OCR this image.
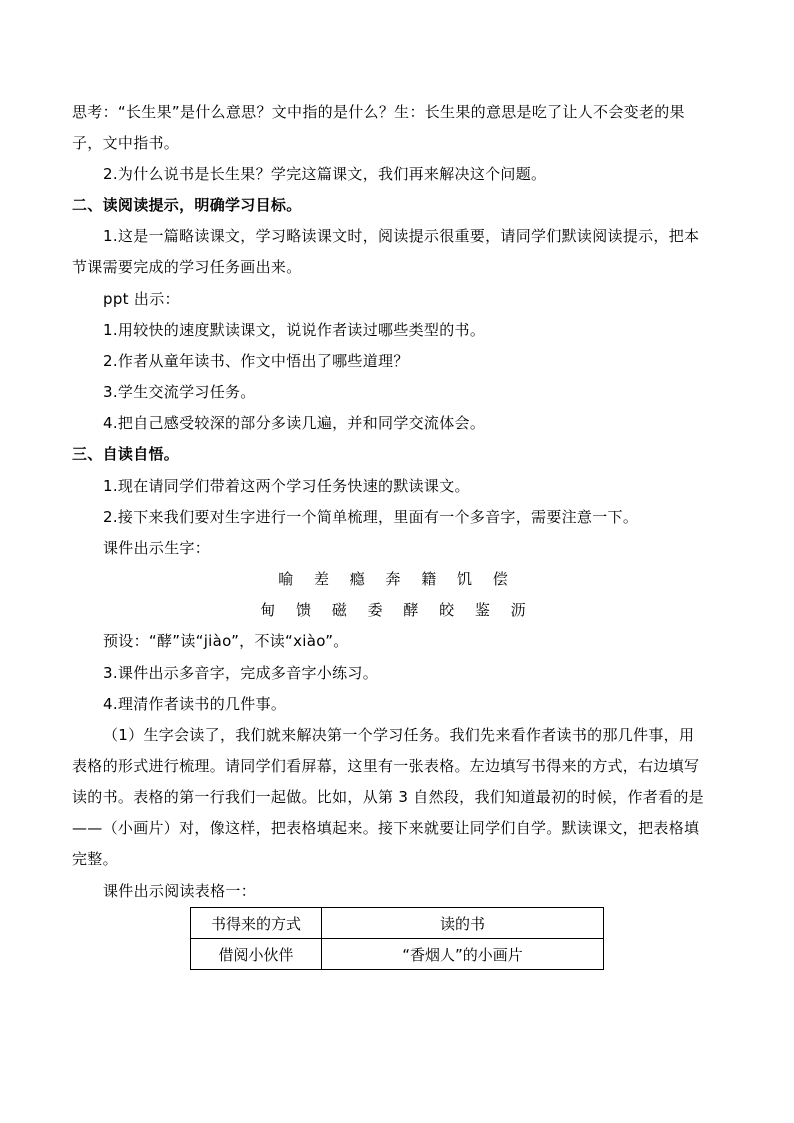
思考：“长生果”是什么意思？文中指的是什么？生：长生果的意思是吃了让人不会变老的果
子，文中指书。
2.为什么说书是长生果？学完这篇课文，我们再来解决这个问题。
二、读阅读提示，明确学习目标。
1.这是一篇略读课文，学习略读课文时，阅读提示很重要，请同学们默读阅读提示，把本
节课需要完成的学习任务画出来。
ppt 出示：
1.用较快的速度默读课文，说说作者读过哪些类型的书。
2.作者从童年读书、作文中悟出了哪些道理？
3.学生交流学习任务。
4.把自己感受较深的部分多读几遍，并和同学交流体会。
三、自读自悟。
1.现在请同学们带着这两个学习任务快速的默读课文。
2.接下来我们要对生字进行一个简单梳理，里面有一个多音字，需要注意一下。
课件出示生字：
喻 差 瘾 奔 籍 饥 偿
甸 馈 磁 委 酵 皎 鉴 沥
预设：“酵”读“jiào”，不读“xiào”。
3.课件出示多音字，完成多音字小练习。
4.理清作者读书的几件事。
（1）生字会读了，我们就来解决第一个学习任务。我们先来看作者读书的那几件事，用
表格的形式进行梳理。请同学们看屏幕，这里有一张表格。左边填写书得来的方式，右边填写
读的书。表格的第一行我们一起做。比如，从第 3 自然段，我们知道最初的时候，作者看的是
——（小画片）对，像这样，把表格填起来。接下来就要让同学们自学。默读课文，把表格填
完整。
课件出示阅读表格一：
书得来的方式	读的书
借阅小伙伴	“香烟人”的小画片
